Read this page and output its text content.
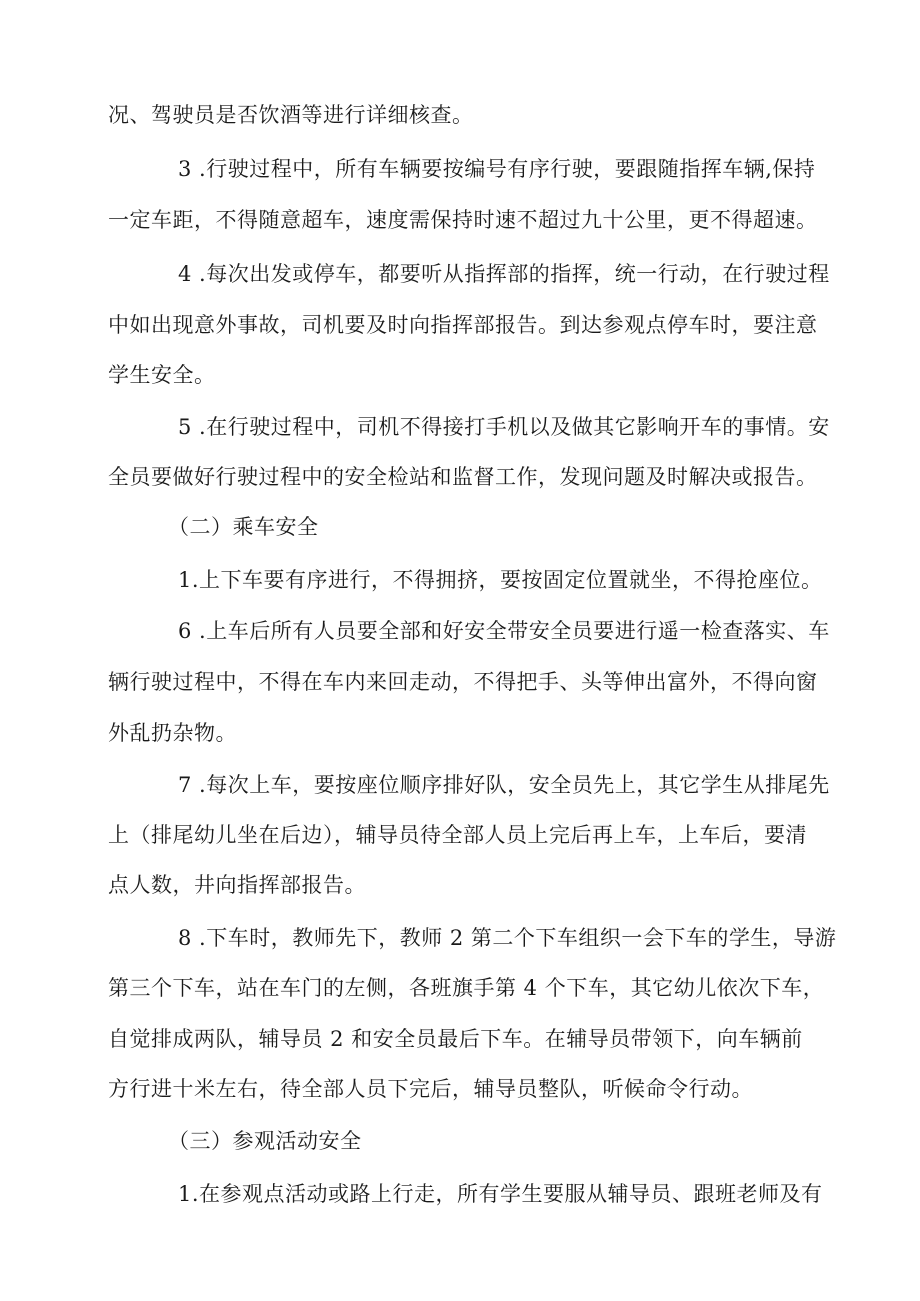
况、驾驶员是否饮酒等进行详细核查。
3 .行驶过程中，所有车辆要按编号有序行驶，要跟随指挥车辆,保持
一定车距，不得随意超车，速度需保持时速不超过九十公里，更不得超速。
4 .每次出发或停车，都要听从指挥部的指挥，统一行动，在行驶过程
中如出现意外事故，司机要及时向指挥部报告。到达参观点停车时，要注意
学生安全。
5 .在行驶过程中，司机不得接打手机以及做其它影响开车的事情。安
全员要做好行驶过程中的安全检站和监督工作，发现问题及时解决或报告。
（二）乘车安全
1.上下车要有序进行，不得拥挤，要按固定位置就坐，不得抢座位。
6 .上车后所有人员要全部和好安全带安全员要进行遥一检查落实、车
辆行驶过程中，不得在车内来回走动，不得把手、头等伸出富外，不得向窗
外乱扔杂物。
7 .每次上车，要按座位顺序排好队，安全员先上，其它学生从排尾先
上（排尾幼儿坐在后边），辅导员待全部人员上完后再上车，上车后，要清
点人数，井向指挥部报告。
8 .下车时，教师先下，教师 2 第二个下车组织一会下车的学生，导游
第三个下车，站在车门的左侧，各班旗手第 4 个下车，其它幼儿依次下车，
自觉排成两队，辅导员 2 和安全员最后下车。在辅导员带领下，向车辆前
方行进十米左右，待全部人员下完后，辅导员整队，听候命令行动。
（三）参观活动安全
1.在参观点活动或路上行走，所有学生要服从辅导员、跟班老师及有
